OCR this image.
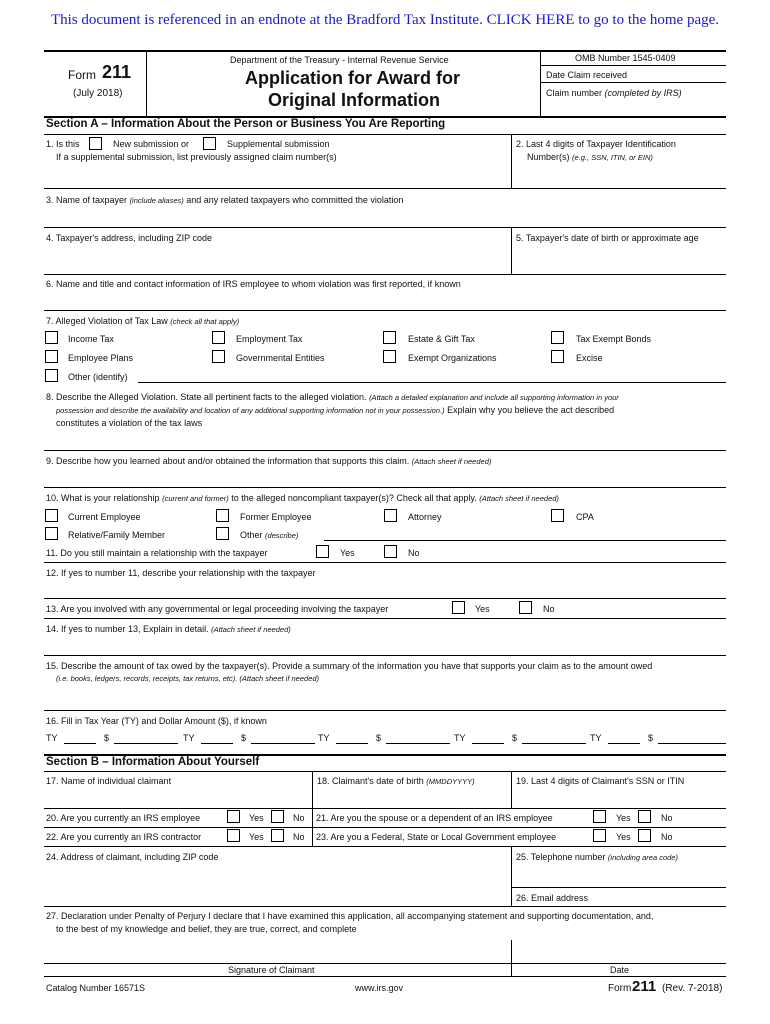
This document is referenced in an endnote at the Bradford Tax Institute. CLICK HERE to go to the home page.
Form 211
(July 2018)
Department of the Treasury - Internal Revenue Service
Application for Award for
Original Information
OMB Number 1545-0409
Date Claim received
Claim number (completed by IRS)
Section A – Information About the Person or Business You Are Reporting
1. Is this	New submission or	Supplemental submission
If a supplemental submission, list previously assigned claim number(s)
2. Last 4 digits of Taxpayer Identification
Number(s) (e.g., SSN, ITIN, or EIN)
3. Name of taxpayer (include aliases) and any related taxpayers who committed the violation
4. Taxpayer's address, including ZIP code	5. Taxpayer's date of birth or approximate age
6. Name and title and contact information of IRS employee to whom violation was first reported, if known
7. Alleged Violation of Tax Law (check all that apply)
Income Tax	Employment Tax	Estate & Gift Tax	Tax Exempt Bonds
Employee Plans	Governmental Entities	Exempt Organizations	Excise
Other (identify)
8. Describe the Alleged Violation. State all pertinent facts to the alleged violation. (Attach a detailed explanation and include all supporting information in your
possession and describe the availability and location of any additional supporting information not in your possession.) Explain why you believe the act described
constitutes a violation of the tax laws
9. Describe how you learned about and/or obtained the information that supports this claim. (Attach sheet if needed)
10. What is your relationship (current and former) to the alleged noncompliant taxpayer(s)? Check all that apply. (Attach sheet if needed)
Current Employee	Former Employee	Attorney	CPA
Relative/Family Member	Other (describe)
11. Do you still maintain a relationship with the taxpayer	Yes	No
12. If yes to number 11, describe your relationship with the taxpayer
13. Are you involved with any governmental or legal proceeding involving the taxpayer	Yes	No
14. If yes to number 13, Explain in detail. (Attach sheet if needed)
15. Describe the amount of tax owed by the taxpayer(s). Provide a summary of the information you have that supports your claim as to the amount owed
(i.e. books, ledgers, records, receipts, tax returns, etc). (Attach sheet if needed)
16. Fill in Tax Year (TY) and Dollar Amount ($), if known
TY	$	TY	$	TY	$	TY	$	TY	$
Section B – Information About Yourself
17. Name of individual claimant	18. Claimant's date of birth (MMDDYYYY)	19. Last 4 digits of Claimant's SSN or ITIN
20. Are you currently an IRS employee	Yes	No 21. Are you the spouse or a dependent of an IRS employee	Yes	No
22. Are you currently an IRS contractor	Yes	No 23. Are you a Federal, State or Local Government employee	Yes	No
24. Address of claimant, including ZIP code	25. Telephone number (including area code)
26. Email address
27. Declaration under Penalty of Perjury I declare that I have examined this application, all accompanying statement and supporting documentation, and,
to the best of my knowledge and belief, they are true, correct, and complete
Signature of Claimant	Date
Catalog Number 16571S	www.irs.gov	Form 211 (Rev. 7-2018)
